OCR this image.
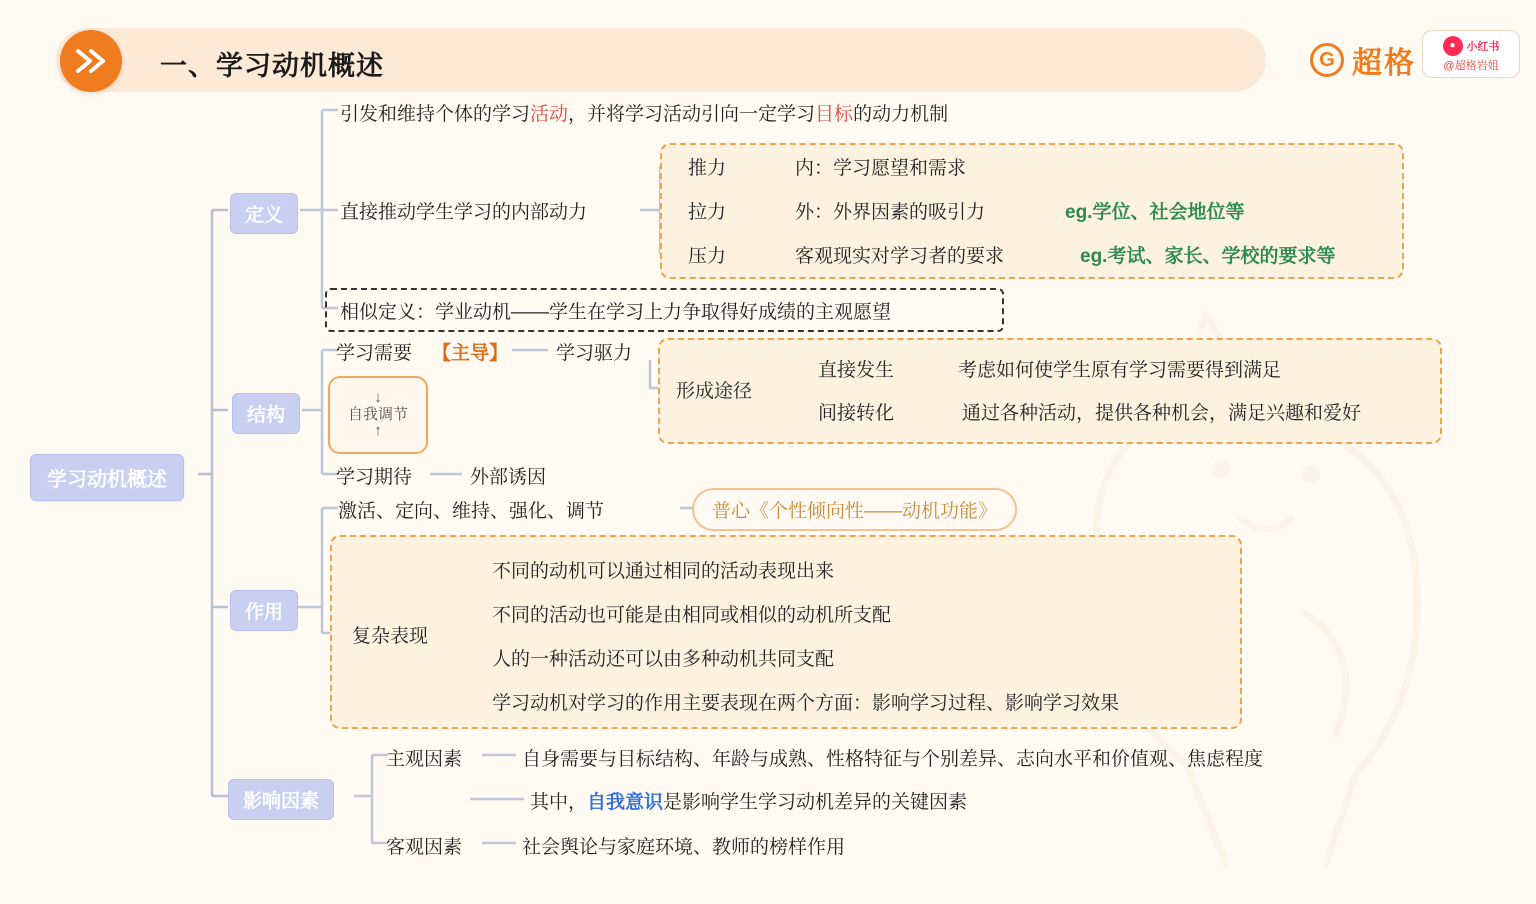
一、学习动机概述	G 超格
● 小红书
@超格岩姐
学习动机概述
定义
结构
作用
影响因素
引发和维持个体的学习活动，并将学习活动引向一定学习目标的动力机制
直接推动学生学习的内部动力
相似定义：学业动机——学生在学习上力争取得好成绩的主观愿望
推力	内：学习愿望和需求
拉力	外：外界因素的吸引力	eg.学位、社会地位等
压力	客观现实对学习者的要求	eg.考试、家长、学校的要求等
学习需要 【主导】	学习驱力
↓
自我调节
↑
学习期待	外部诱因
形成途径
直接发生	考虑如何使学生原有学习需要得到满足
间接转化	通过各种活动，提供各种机会，满足兴趣和爱好
激活、定向、维持、强化、调节	普心《个性倾向性——动机功能》
复杂表现
不同的动机可以通过相同的活动表现出来
不同的活动也可能是由相同或相似的动机所支配
人的一种活动还可以由多种动机共同支配
学习动机对学习的作用主要表现在两个方面：影响学习过程、影响学习效果
主观因素	自身需要与目标结构、年龄与成熟、性格特征与个别差异、志向水平和价值观、焦虑程度
其中，自我意识是影响学生学习动机差异的关键因素
客观因素	社会舆论与家庭环境、教师的榜样作用
